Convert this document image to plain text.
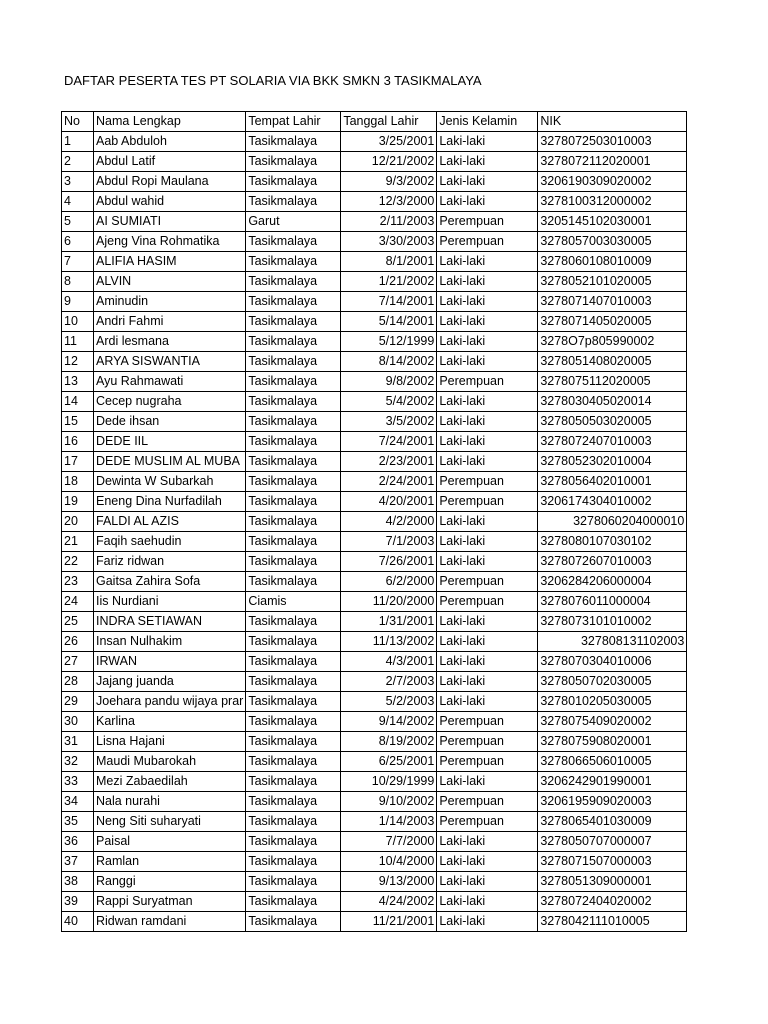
DAFTAR PESERTA TES PT SOLARIA VIA BKK SMKN 3 TASIKMALAYA
No	Nama Lengkap	Tempat Lahir	Tanggal Lahir	Jenis Kelamin	NIK
1	Aab Abduloh	Tasikmalaya	3/25/2001	Laki-laki	3278072503010003
2	Abdul Latif	Tasikmalaya	12/21/2002	Laki-laki	3278072112020001
3	Abdul Ropi Maulana	Tasikmalaya	9/3/2002	Laki-laki	3206190309020002
4	Abdul wahid	Tasikmalaya	12/3/2000	Laki-laki	3278100312000002
5	AI SUMIATI	Garut	2/11/2003	Perempuan	3205145102030001
6	Ajeng Vina Rohmatika	Tasikmalaya	3/30/2003	Perempuan	3278057003030005
7	ALIFIA HASIM	Tasikmalaya	8/1/2001	Laki-laki	3278060108010009
8	ALVIN	Tasikmalaya	1/21/2002	Laki-laki	3278052101020005
9	Aminudin	Tasikmalaya	7/14/2001	Laki-laki	3278071407010003
10	Andri Fahmi	Tasikmalaya	5/14/2001	Laki-laki	3278071405020005
11	Ardi lesmana	Tasikmalaya	5/12/1999	Laki-laki	3278O7p805990002
12	ARYA SISWANTIA	Tasikmalaya	8/14/2002	Laki-laki	3278051408020005
13	Ayu Rahmawati	Tasikmalaya	9/8/2002	Perempuan	3278075112020005
14	Cecep nugraha	Tasikmalaya	5/4/2002	Laki-laki	3278030405020014
15	Dede ihsan	Tasikmalaya	3/5/2002	Laki-laki	3278050503020005
16	DEDE IIL	Tasikmalaya	7/24/2001	Laki-laki	3278072407010003
17	DEDE MUSLIM AL MUBA	Tasikmalaya	2/23/2001	Laki-laki	3278052302010004
18	Dewinta W Subarkah	Tasikmalaya	2/24/2001	Perempuan	3278056402010001
19	Eneng Dina Nurfadilah	Tasikmalaya	4/20/2001	Perempuan	3206174304010002
20	FALDI AL AZIS	Tasikmalaya	4/2/2000	Laki-laki	3278060204000010
21	Faqih saehudin	Tasikmalaya	7/1/2003	Laki-laki	3278080107030102
22	Fariz ridwan	Tasikmalaya	7/26/2001	Laki-laki	3278072607010003
23	Gaitsa Zahira Sofa	Tasikmalaya	6/2/2000	Perempuan	3206284206000004
24	Iis Nurdiani	Ciamis	11/20/2000	Perempuan	3278076011000004
25	INDRA SETIAWAN	Tasikmalaya	1/31/2001	Laki-laki	3278073101010002
26	Insan Nulhakim	Tasikmalaya	11/13/2002	Laki-laki	327808131102003
27	IRWAN	Tasikmalaya	4/3/2001	Laki-laki	3278070304010006
28	Jajang juanda	Tasikmalaya	2/7/2003	Laki-laki	3278050702030005
29	Joehara pandu wijaya prar	Tasikmalaya	5/2/2003	Laki-laki	3278010205030005
30	Karlina	Tasikmalaya	9/14/2002	Perempuan	3278075409020002
31	Lisna Hajani	Tasikmalaya	8/19/2002	Perempuan	3278075908020001
32	Maudi Mubarokah	Tasikmalaya	6/25/2001	Perempuan	3278066506010005
33	Mezi Zabaedilah	Tasikmalaya	10/29/1999	Laki-laki	3206242901990001
34	Nala nurahi	Tasikmalaya	9/10/2002	Perempuan	3206195909020003
35	Neng Siti suharyati	Tasikmalaya	1/14/2003	Perempuan	3278065401030009
36	Paisal	Tasikmalaya	7/7/2000	Laki-laki	3278050707000007
37	Ramlan	Tasikmalaya	10/4/2000	Laki-laki	3278071507000003
38	Ranggi	Tasikmalaya	9/13/2000	Laki-laki	3278051309000001
39	Rappi Suryatman	Tasikmalaya	4/24/2002	Laki-laki	3278072404020002
40	Ridwan ramdani	Tasikmalaya	11/21/2001	Laki-laki	3278042111010005
